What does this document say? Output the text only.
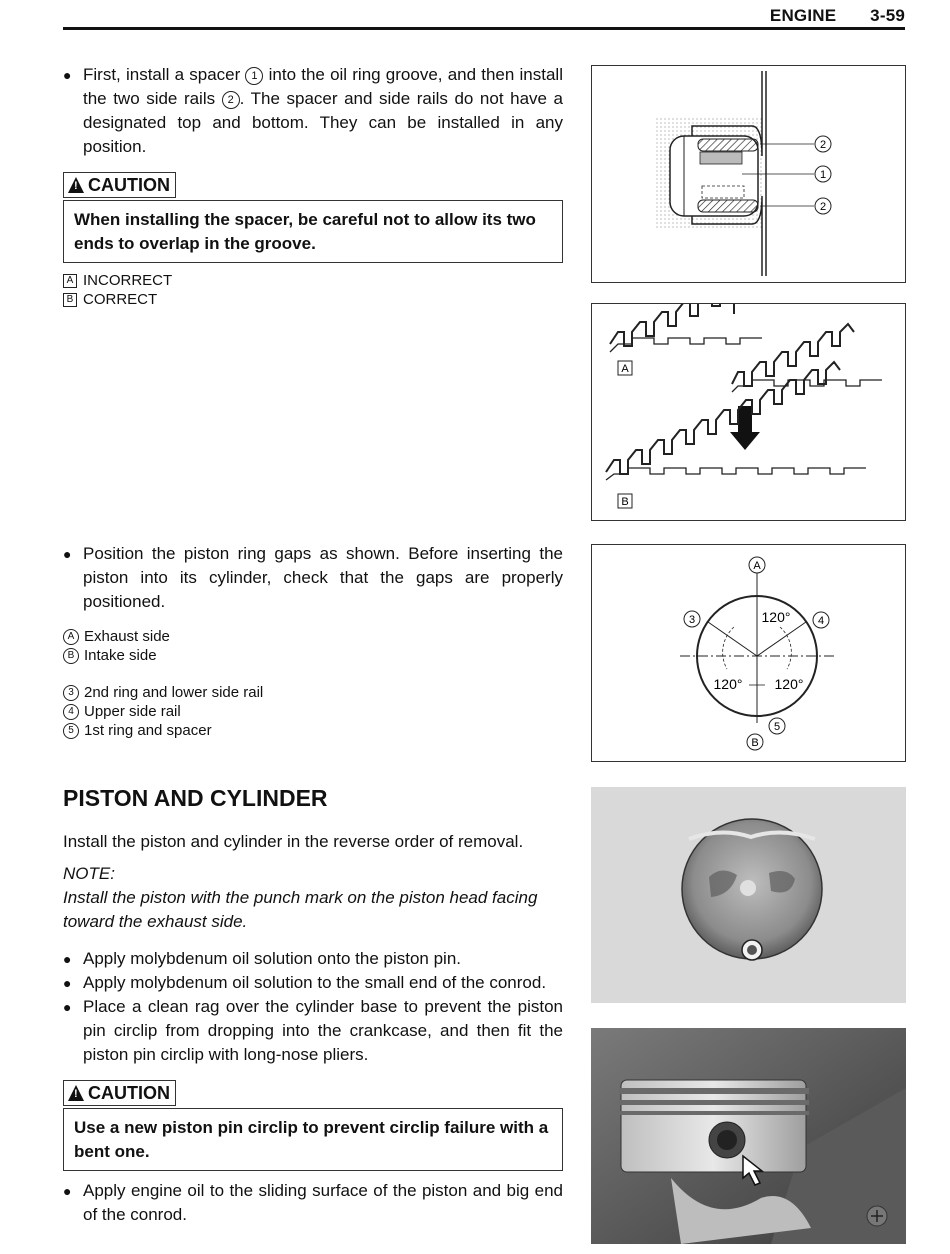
ENGINE 3-59
● First, install a spacer 1 into the oil ring groove, and then install the two side rails 2 . The spacer and side rails do not have a designated top and bottom. They can be installed in any position.
!
CAUTION
When installing the spacer, be careful not to allow its two ends to overlap in the groove.
A INCORRECT
B CORRECT
● Position the piston ring gaps as shown. Before inserting the piston into its cylinder, check that the gaps are properly positioned.
A Exhaust side
B Intake side
3 2nd ring and lower side rail
4 Upper side rail
5 1st ring and spacer
PISTON AND CYLINDER
Install the piston and cylinder in the reverse order of removal.
NOTE:
Install the piston with the punch mark on the piston head facing toward the exhaust side.
● Apply molybdenum oil solution onto the piston pin.
● Apply molybdenum oil solution to the small end of the conrod.
● Place a clean rag over the cylinder base to prevent the piston pin circlip from dropping into the crankcase, and then fit the piston pin circlip with long-nose pliers.
!
CAUTION
Use a new piston pin circlip to prevent circlip failure with a bent one.
● Apply engine oil to the sliding surface of the piston and big end of the conrod.
2
1
2
A
B
A
3	4
5
B
120°
120° 120°
